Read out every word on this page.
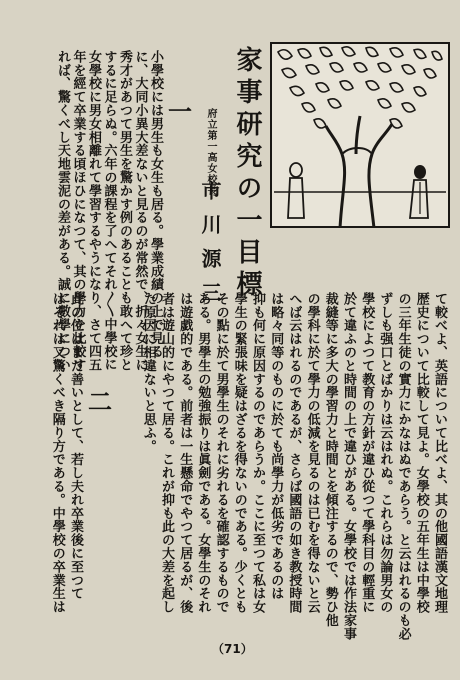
小學校には男生も女生も居る。學業成績の上で見る
に、大同小異大差ないと見るのが常然で、折々女生に
秀才があつて男生を驚かす例のあることも敢へて珍と
するに足らぬ。六年の課程を了へてそれ〳〵中學校に
女學校に男女相離れて學習するやうになり、さて四五
年を經て卒業する頃ほひになつて、其の學力を比較す
れば、驚くべし天地雲泥の差がある。誠に數學につい	一 府立第一高女校長
市川源三 家事研究の一目標
二	て較べよ、英語について比べよ、其の他國語漢文地理
歴史について比較して見よ。女學校の五年生は中學校
の三年生徒の實力にかなはぬであらう。と云はれるのも必
ずしも强口とばかりは云はれぬ。これらは勿論男女の
學校によつて教育の方針が違ひ從つて學科目の輕重に
於て違ふのと時間の上で違ひがある。女學校では作法家事
裁縫等に多大の學習力と時間とを傾注するので、勢ひ他
の學科に於て學力の低減を見るのは已むを得ないと云
へば云はれるのであるが、さらば國語の如き教授時間
は略々同等のものに於ても尚學力が低劣であるのは
抑も何に原因するのであらうか。ここに至つて私は女
學生の緊張味を疑はざるを得ないのである。少くとも
その點に於て男學生のそれに劣れるを確認するもので
ある。男學生の勉強振りは眞劍である。女學生のそれ
は遊戯的である。前者は一生懸命でやつて居るが、後
者は遊山的にやつて居る。これが抑も此の大差を起し
た原因に相違ないと思ふ。
此の位はまだ善いとして、若し夫れ卒業後に至つて
はそれは又驚くべき隔り方である。中學校の卒業生は
（71）
